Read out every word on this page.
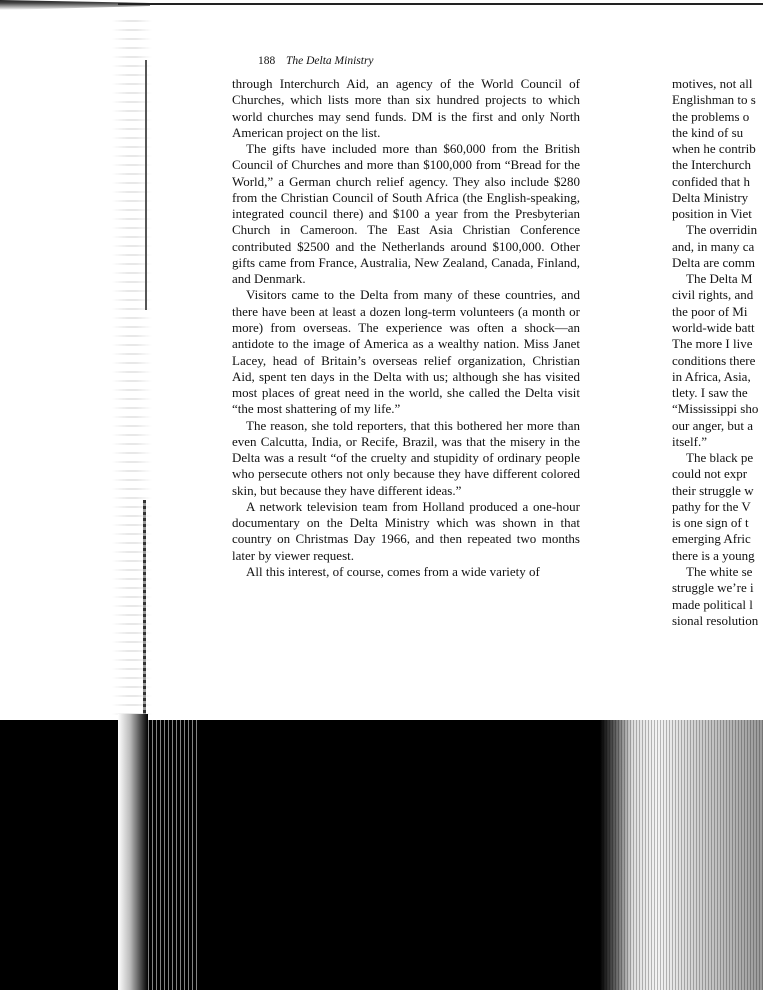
188 The Delta Ministry

through Interchurch Aid, an agency of the World Council of Churches, which lists more than six hundred projects to which world churches may send funds. DM is the first and only North American project on the list.

The gifts have included more than $60,000 from the British Council of Churches and more than $100,000 from “Bread for the World,” a German church relief agency. They also include $280 from the Christian Council of South Africa (the English-speaking, integrated council there) and $100 a year from the Presbyterian Church in Cameroon. The East Asia Christian Conference contributed $2500 and the Netherlands around $100,000. Other gifts came from France, Australia, New Zealand, Canada, Finland, and Denmark.

Visitors came to the Delta from many of these countries, and there have been at least a dozen long-term volunteers (a month or more) from overseas. The experience was often a shock—an antidote to the image of America as a wealthy nation. Miss Janet Lacey, head of Britain’s overseas relief organization, Christian Aid, spent ten days in the Delta with us; although she has visited most places of great need in the world, she called the Delta visit “the most shattering of my life.”

The reason, she told reporters, that this bothered her more than even Calcutta, India, or Recife, Brazil, was that the misery in the Delta was a result “of the cruelty and stupidity of ordinary people who persecute others not only because they have different colored skin, but because they have different ideas.”

A network television team from Holland produced a one-hour documentary on the Delta Ministry which was shown in that country on Christmas Day 1966, and then repeated two months later by viewer request.

All this interest, of course, comes from a wide variety of

motives, not all
Englishman to s
the problems o
the kind of su
when he contrib
the Interchurch
confided that h
Delta Ministry
position in Viet
The overridin
and, in many ca
Delta are comm
The Delta M
civil rights, and
the poor of Mi
world-wide batt
The more I live
conditions there
in Africa, Asia,
tlety. I saw the
“Mississippi sho
our anger, but a
itself.”
The black pe
could not expr
their struggle w
pathy for the V
is one sign of t
emerging Afric
there is a young
The white se
struggle we’re i
made political l
sional resolution
